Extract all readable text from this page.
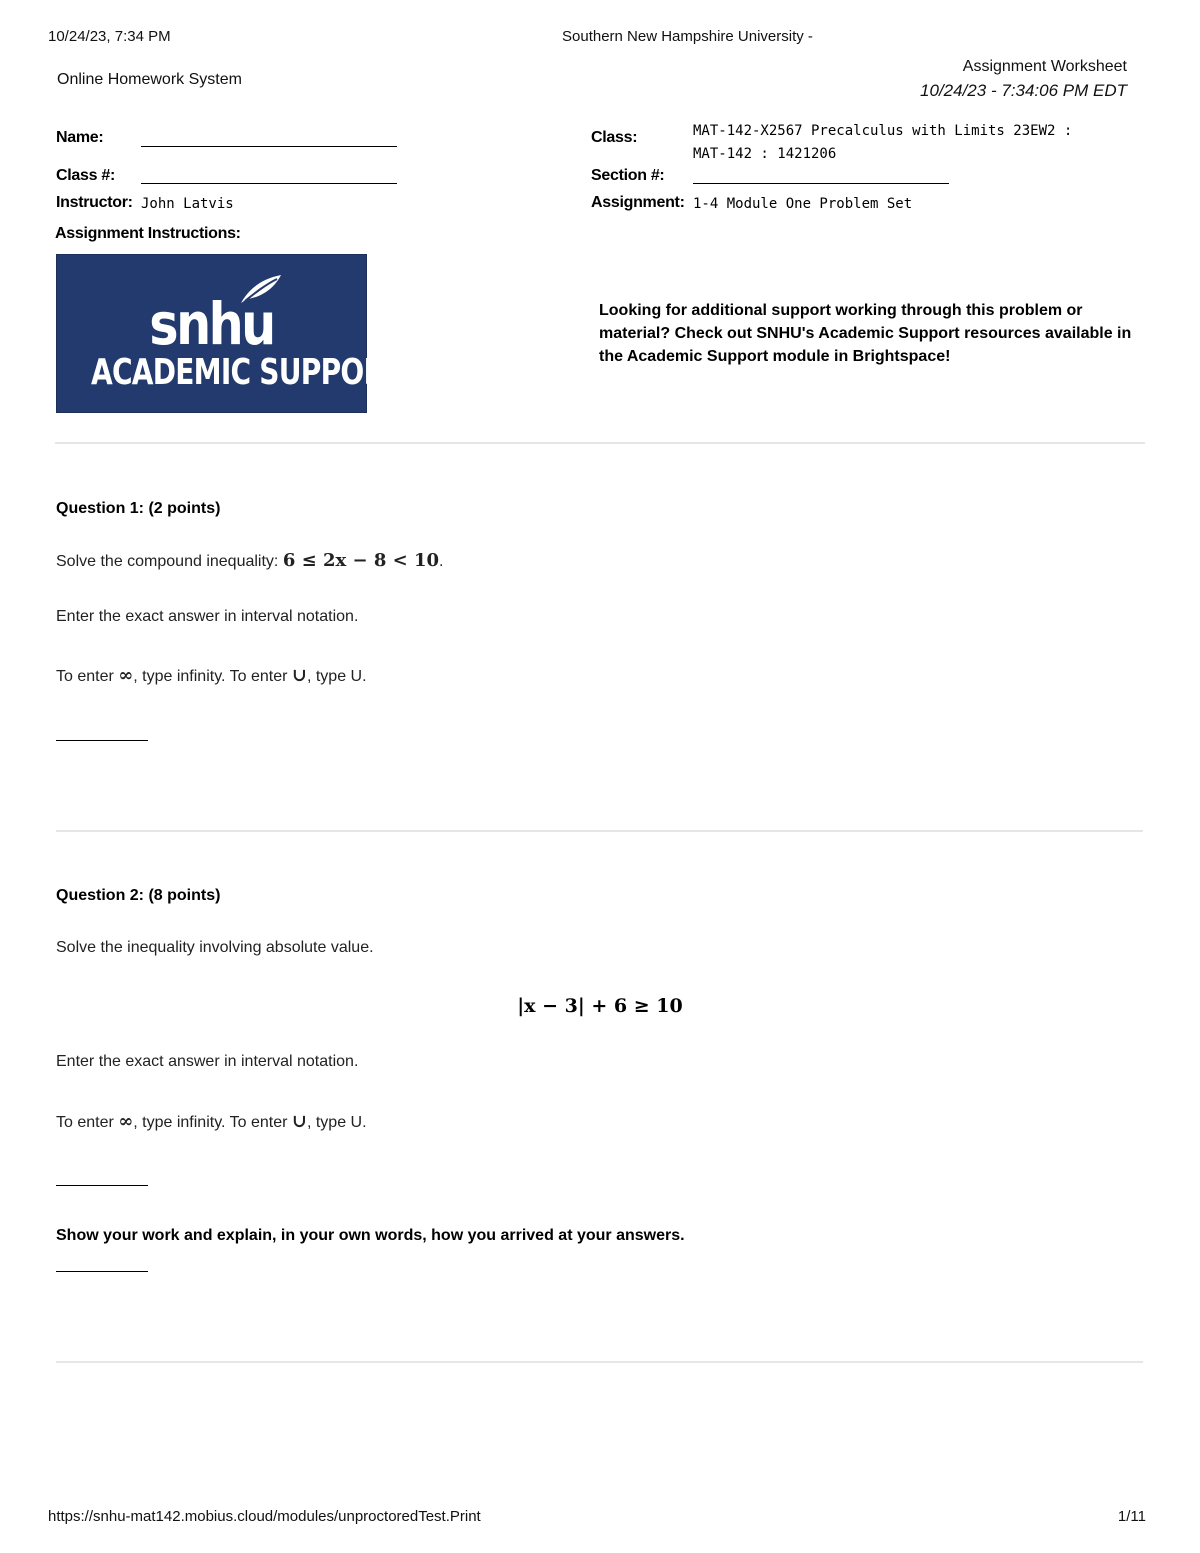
10/24/23, 7:34 PM	Southern New Hampshire University -
Online Homework System
Assignment Worksheet
10/24/23 - 7:34:06 PM EDT
Name:
Class #:
Instructor: John Latvis
Assignment Instructions:
Class:	MAT-142-X2567 Precalculus with Limits 23EW2 :
MAT-142 : 1421206
Section #:
Assignment: 1-4 Module One Problem Set
snhu
ACADEMIC SUPPORT
Looking for additional support working through this problem or material? Check out SNHU's Academic Support resources available in the Academic Support module in Brightspace!
Question 1: (2 points)
Solve the compound inequality: 6 ≤ 2x − 8 < 10.
Enter the exact answer in interval notation.
To enter ∞, type infinity. To enter ∪, type U.
Question 2: (8 points)
Solve the inequality involving absolute value.
|x − 3| + 6 ≥ 10
Enter the exact answer in interval notation.
To enter ∞, type infinity. To enter ∪, type U.
Show your work and explain, in your own words, how you arrived at your answers.
https://snhu-mat142.mobius.cloud/modules/unproctoredTest.Print	1/11
